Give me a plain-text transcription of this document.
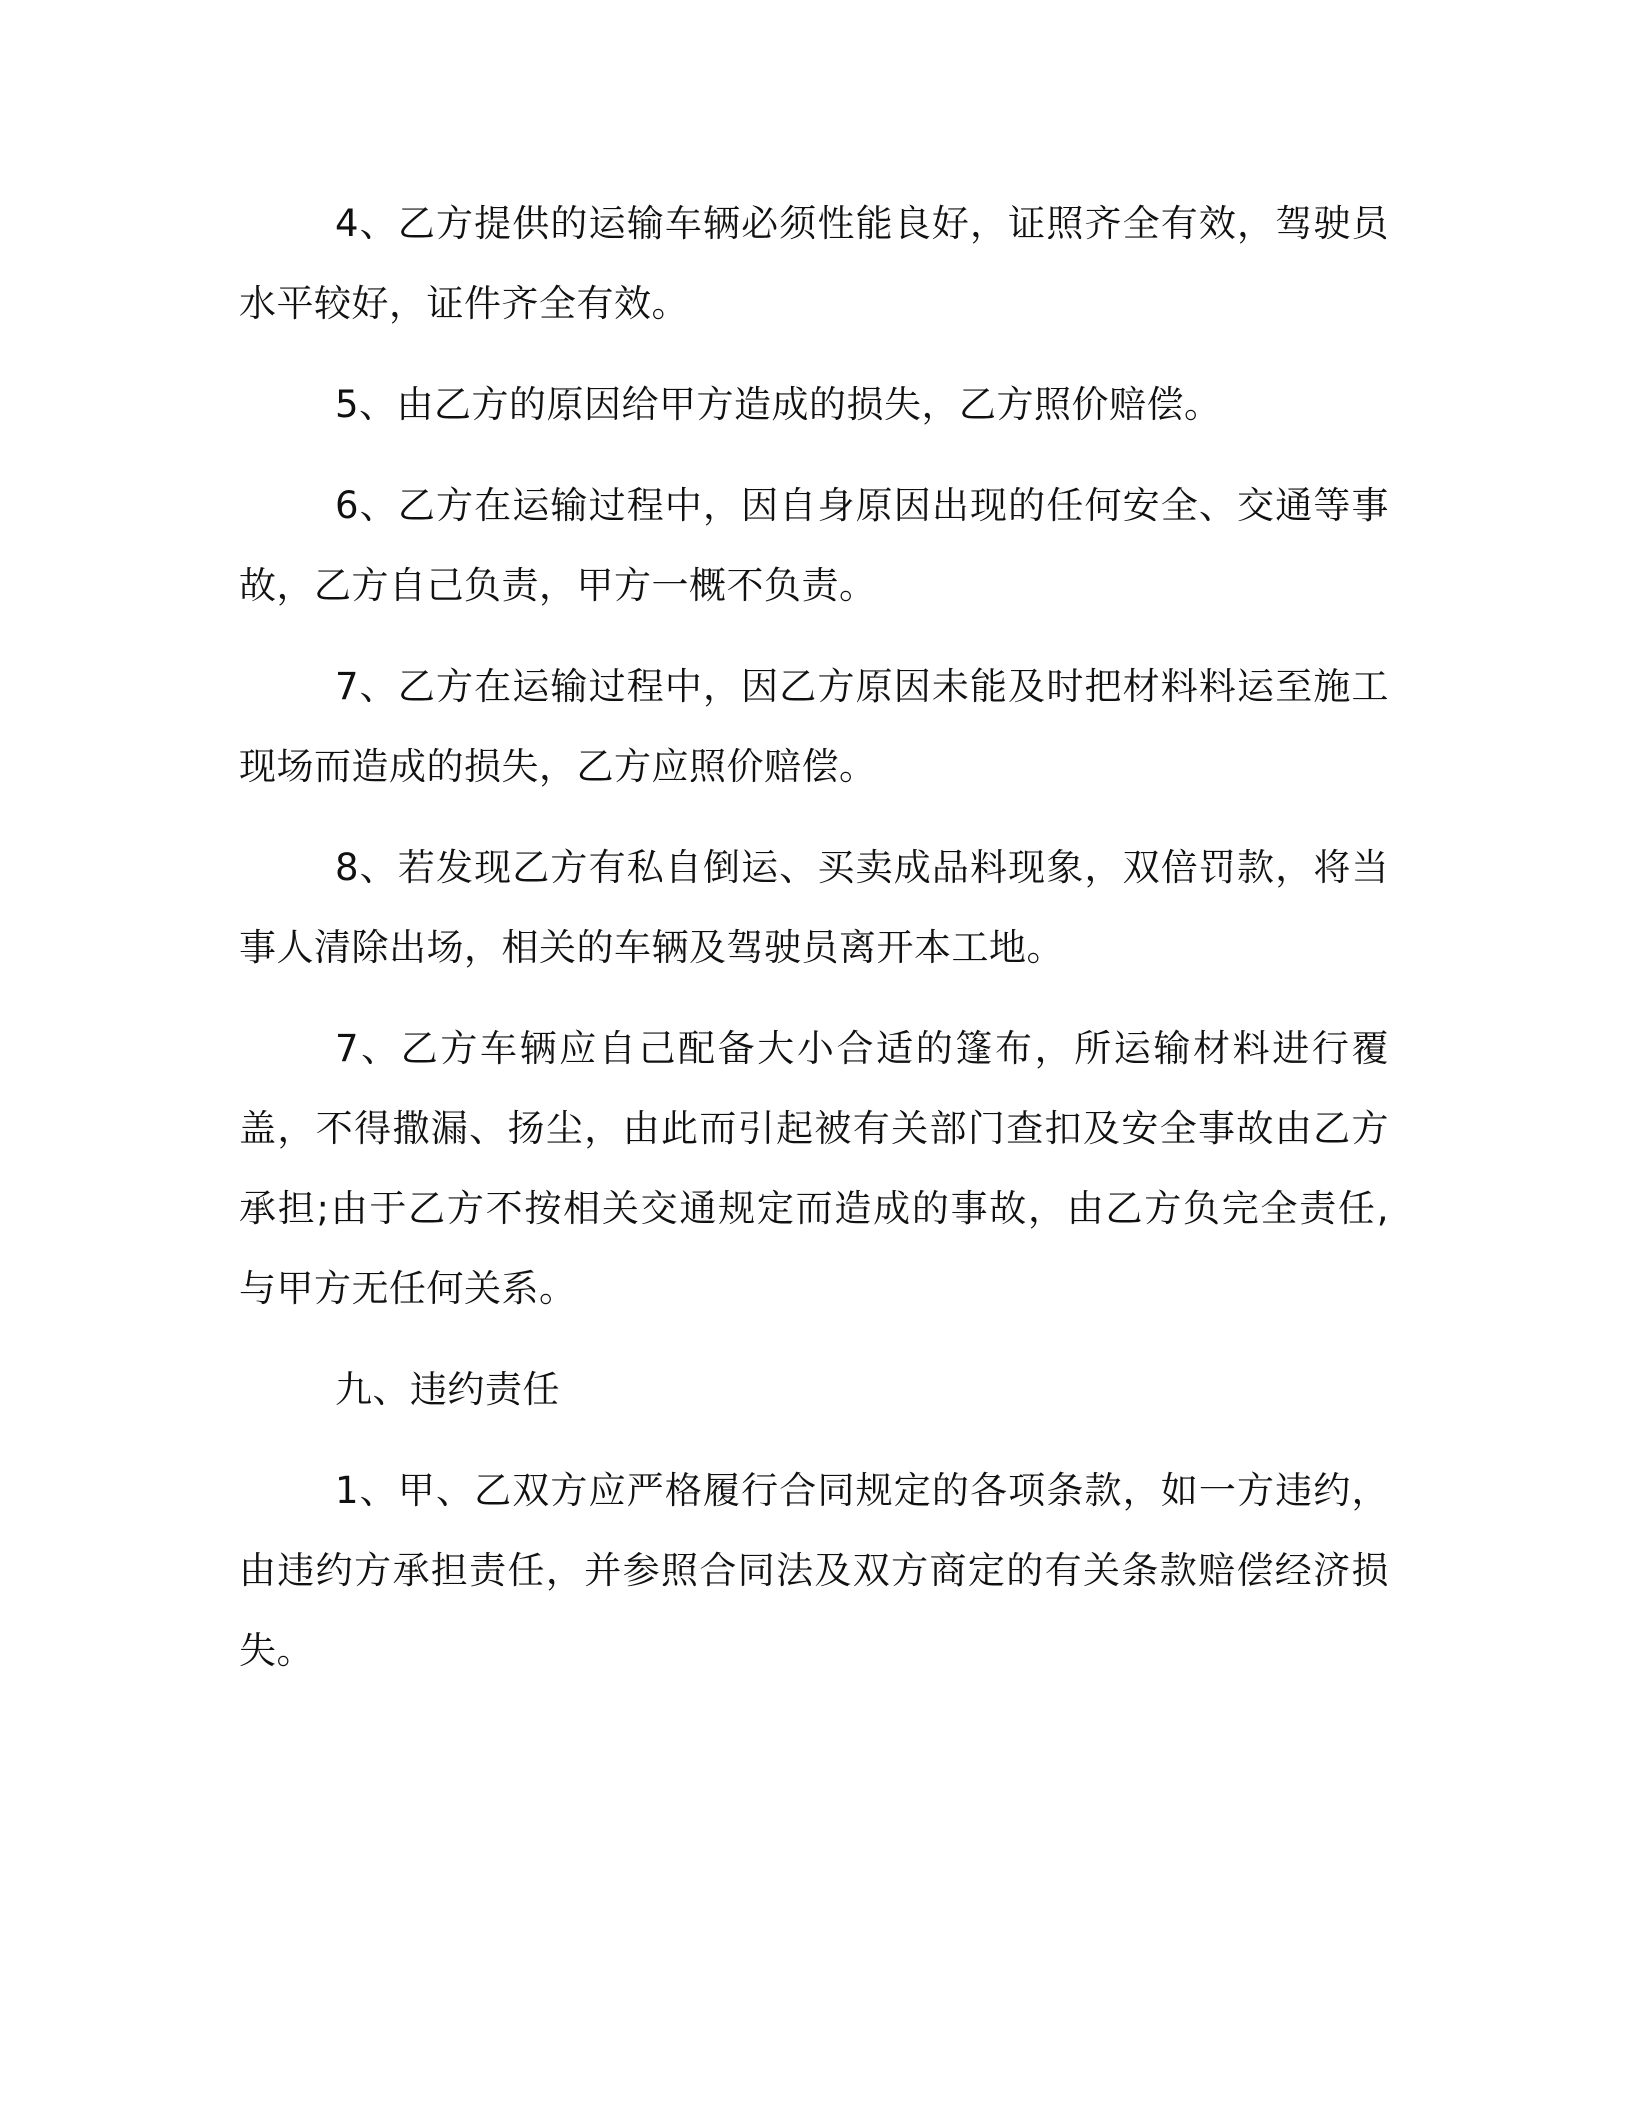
4、乙方提供的运输车辆必须性能良好，证照齐全有效，驾驶员水平较好，证件齐全有效。

5、由乙方的原因给甲方造成的损失，乙方照价赔偿。

6、乙方在运输过程中，因自身原因出现的任何安全、交通等事故，乙方自己负责，甲方一概不负责。

7、乙方在运输过程中，因乙方原因未能及时把材料料运至施工现场而造成的损失，乙方应照价赔偿。

8、若发现乙方有私自倒运、买卖成品料现象，双倍罚款，将当事人清除出场，相关的车辆及驾驶员离开本工地。

7、乙方车辆应自己配备大小合适的篷布，所运输材料进行覆盖，不得撒漏、扬尘，由此而引起被有关部门查扣及安全事故由乙方承担;由于乙方不按相关交通规定而造成的事故，由乙方负完全责任,与甲方无任何关系。

九、违约责任

1、甲、乙双方应严格履行合同规定的各项条款，如一方违约，由违约方承担责任，并参照合同法及双方商定的有关条款赔偿经济损失。
